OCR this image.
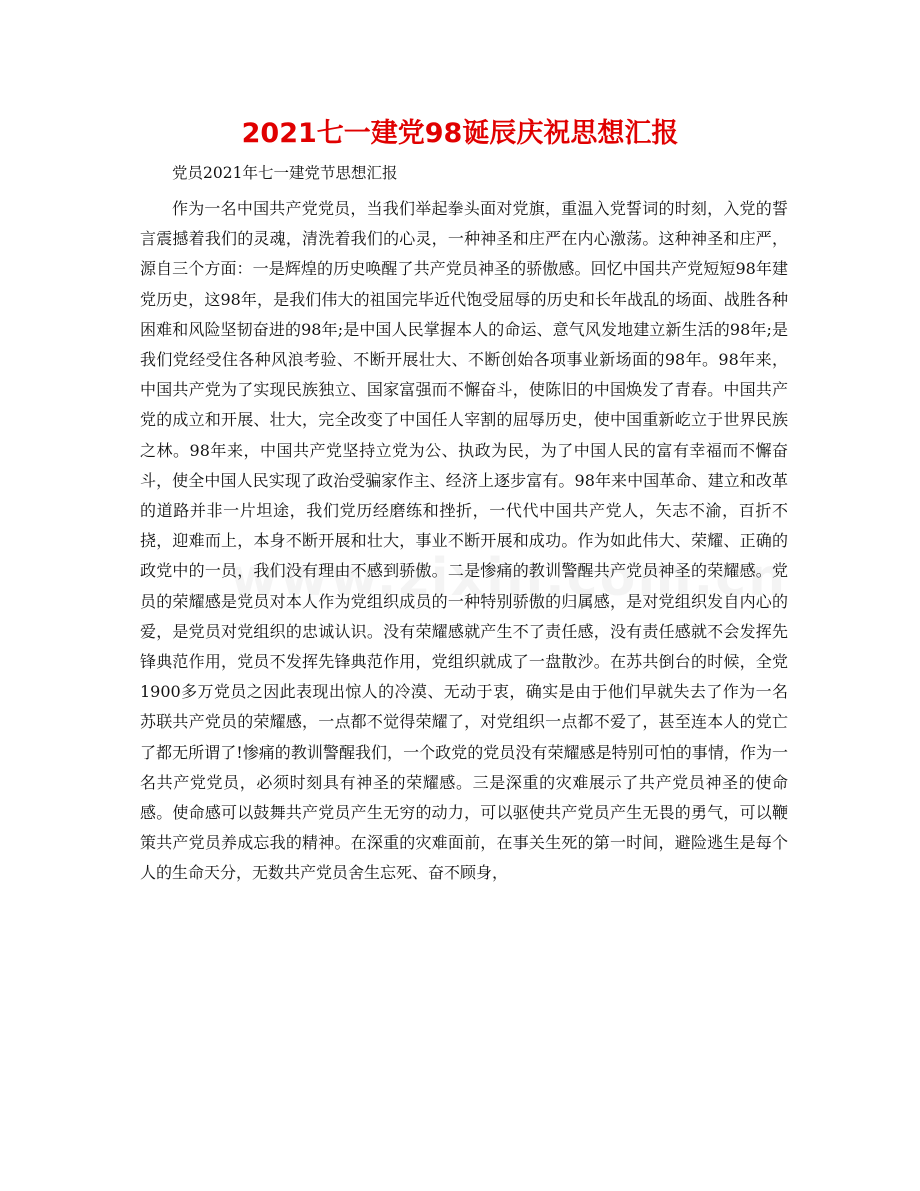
2021七一建党98诞辰庆祝思想汇报

党员2021年七一建党节思想汇报

作为一名中国共产党党员，当我们举起拳头面对党旗，重温入党誓词的时刻，入党的誓言震撼着我们的灵魂，清洗着我们的心灵，一种神圣和庄严在内心激荡。这种神圣和庄严，源自三个方面：一是辉煌的历史唤醒了共产党员神圣的骄傲感。回忆中国共产党短短98年建党历史，这98年，是我们伟大的祖国完毕近代饱受屈辱的历史和长年战乱的场面、战胜各种困难和风险坚韧奋进的98年;是中国人民掌握本人的命运、意气风发地建立新生活的98年;是我们党经受住各种风浪考验、不断开展壮大、不断创始各项事业新场面的98年。98年来，中国共产党为了实现民族独立、国家富强而不懈奋斗，使陈旧的中国焕发了青春。中国共产党的成立和开展、壮大，完全改变了中国任人宰割的屈辱历史，使中国重新屹立于世界民族之林。98年来，中国共产党坚持立党为公、执政为民，为了中国人民的富有幸福而不懈奋斗，使全中国人民实现了政治受骗家作主、经济上逐步富有。98年来中国革命、建立和改革的道路并非一片坦途，我们党历经磨练和挫折，一代代中国共产党人，矢志不渝，百折不挠，迎难而上，本身不断开展和壮大，事业不断开展和成功。作为如此伟大、荣耀、正确的政党中的一员，我们没有理由不感到骄傲。二是惨痛的教训警醒共产党员神圣的荣耀感。党员的荣耀感是党员对本人作为党组织成员的一种特别骄傲的归属感，是对党组织发自内心的爱，是党员对党组织的忠诚认识。没有荣耀感就产生不了责任感，没有责任感就不会发挥先锋典范作用，党员不发挥先锋典范作用，党组织就成了一盘散沙。在苏共倒台的时候，全党1900多万党员之因此表现出惊人的冷漠、无动于衷，确实是由于他们早就失去了作为一名苏联共产党员的荣耀感，一点都不觉得荣耀了，对党组织一点都不爱了，甚至连本人的党亡了都无所谓了!惨痛的教训警醒我们，一个政党的党员没有荣耀感是特别可怕的事情，作为一名共产党党员，必须时刻具有神圣的荣耀感。三是深重的灾难展示了共产党员神圣的使命感。使命感可以鼓舞共产党员产生无穷的动力，可以驱使共产党员产生无畏的勇气，可以鞭策共产党员养成忘我的精神。在深重的灾难面前，在事关生死的第一时间，避险逃生是每个人的生命天分，无数共产党员舍生忘死、奋不顾身，
